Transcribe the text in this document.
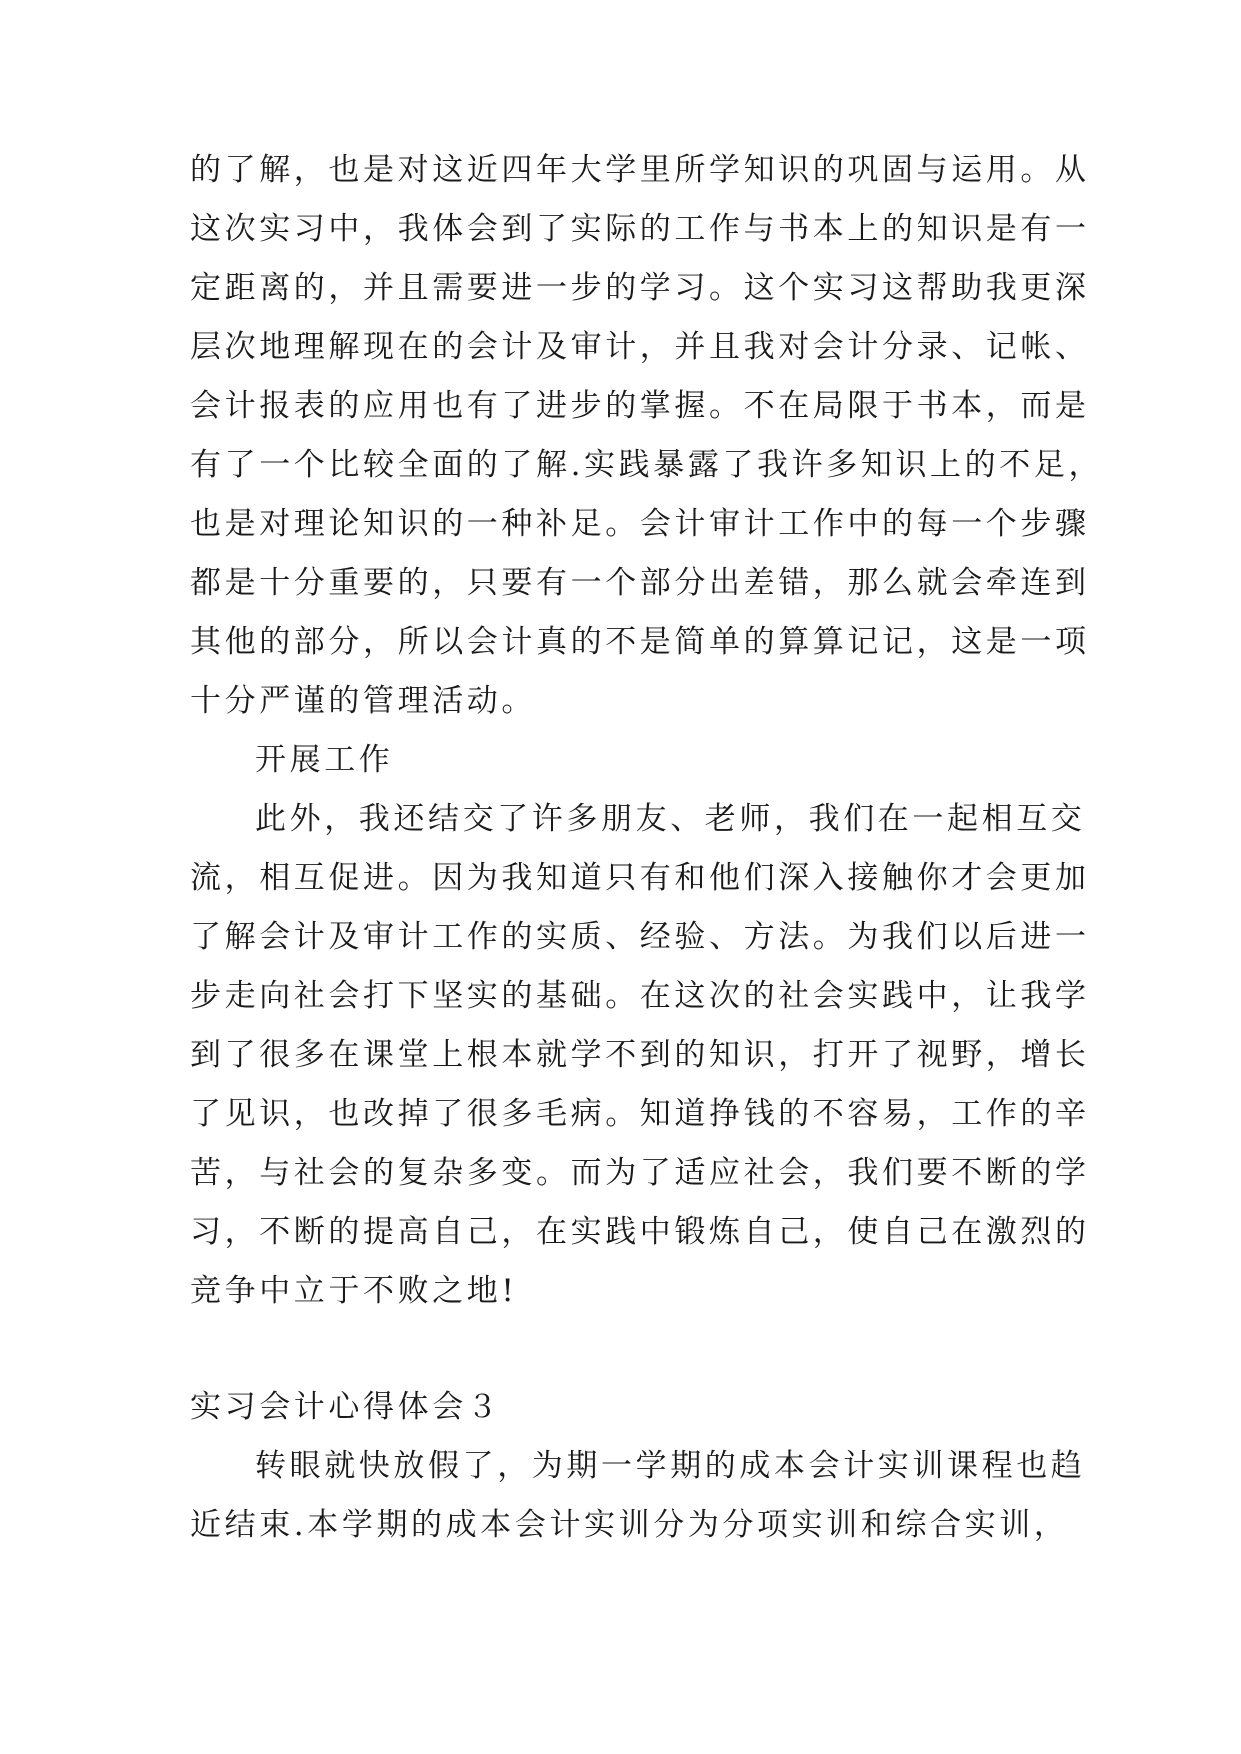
的了解，也是对这近四年大学里所学知识的巩固与运用。从
这次实习中，我体会到了实际的工作与书本上的知识是有一
定距离的，并且需要进一步的学习。这个实习这帮助我更深
层次地理解现在的会计及审计，并且我对会计分录、记帐、
会计报表的应用也有了进步的掌握。不在局限于书本，而是
有了一个比较全面的了解.实践暴露了我许多知识上的不足，
也是对理论知识的一种补足。会计审计工作中的每一个步骤
都是十分重要的，只要有一个部分出差错，那么就会牵连到
其他的部分，所以会计真的不是简单的算算记记，这是一项
十分严谨的管理活动。
开展工作
此外，我还结交了许多朋友、老师，我们在一起相互交
流，相互促进。因为我知道只有和他们深入接触你才会更加
了解会计及审计工作的实质、经验、方法。为我们以后进一
步走向社会打下坚实的基础。在这次的社会实践中，让我学
到了很多在课堂上根本就学不到的知识，打开了视野，增长
了见识，也改掉了很多毛病。知道挣钱的不容易，工作的辛
苦，与社会的复杂多变。而为了适应社会，我们要不断的学
习，不断的提高自己，在实践中锻炼自己，使自己在激烈的
竞争中立于不败之地!
实习会计心得体会３
转眼就快放假了，为期一学期的成本会计实训课程也趋
近结束.本学期的成本会计实训分为分项实训和综合实训，
